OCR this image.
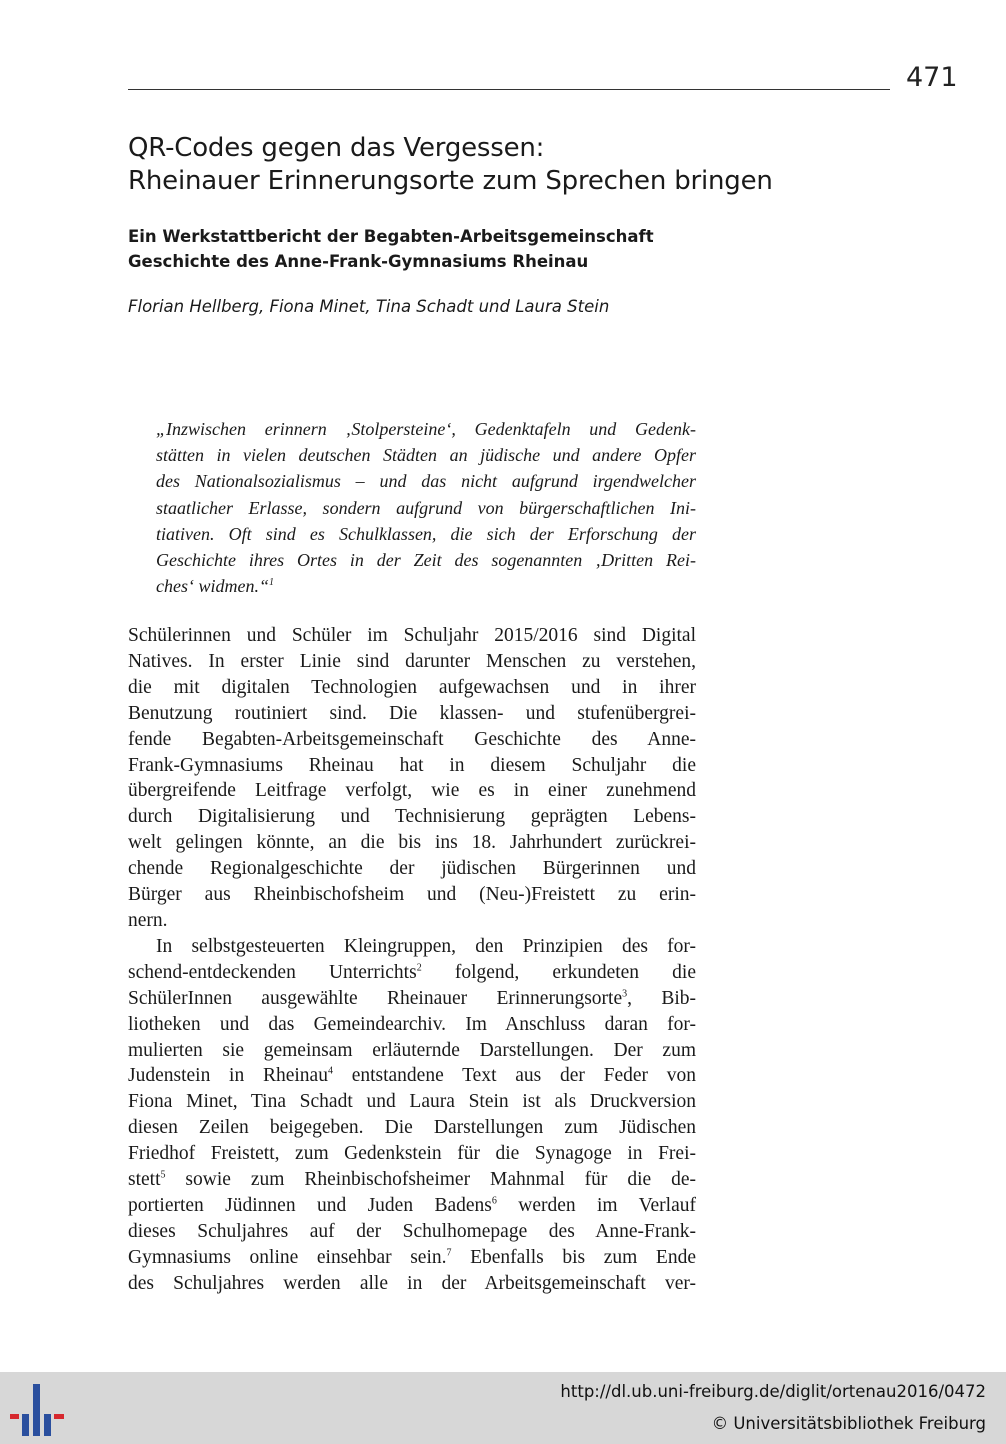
471
QR-Codes gegen das Vergessen:
Rheinauer Erinnerungsorte zum Sprechen bringen
Ein Werkstattbericht der Begabten-Arbeitsgemeinschaft
Geschichte des Anne-Frank-Gymnasiums Rheinau
Florian Hellberg, Fiona Minet, Tina Schadt und Laura Stein
„Inzwischen erinnern ‚Stolpersteine‘, Gedenktafeln und Gedenk-
stätten in vielen deutschen Städten an jüdische und andere Opfer
des Nationalsozialismus – und das nicht aufgrund irgendwelcher
staatlicher Erlasse, sondern aufgrund von bürgerschaftlichen Ini-
tiativen. Oft sind es Schulklassen, die sich der Erforschung der
Geschichte ihres Ortes in der Zeit des sogenannten ‚Dritten Rei-
ches‘ widmen.“$^1$
Schülerinnen und Schüler im Schuljahr 2015/2016 sind Digital
Natives. In erster Linie sind darunter Menschen zu verstehen,
die mit digitalen Technologien aufgewachsen und in ihrer
Benutzung routiniert sind. Die klassen- und stufenübergrei-
fende Begabten-Arbeitsgemeinschaft Geschichte des Anne-
Frank-Gymnasiums Rheinau hat in diesem Schuljahr die
übergreifende Leitfrage verfolgt, wie es in einer zunehmend
durch Digitalisierung und Technisierung geprägten Lebens-
welt gelingen könnte, an die bis ins 18. Jahrhundert zurückrei-
chende Regionalgeschichte der jüdischen Bürgerinnen und
Bürger aus Rheinbischofsheim und (Neu-)Freistett zu erin-
nern.
In selbstgesteuerten Kleingruppen, den Prinzipien des for-
schend-entdeckenden Unterrichts$^2$ folgend, erkundeten die
SchülerInnen ausgewählte Rheinauer Erinnerungsorte$^3$, Bib-
liotheken und das Gemeindearchiv. Im Anschluss daran for-
mulierten sie gemeinsam erläuternde Darstellungen. Der zum
Judenstein in Rheinau$^4$ entstandene Text aus der Feder von
Fiona Minet, Tina Schadt und Laura Stein ist als Druckversion
diesen Zeilen beigegeben. Die Darstellungen zum Jüdischen
Friedhof Freistett, zum Gedenkstein für die Synagoge in Frei-
stett$^5$ sowie zum Rheinbischofsheimer Mahnmal für die de-
portierten Jüdinnen und Juden Badens$^6$ werden im Verlauf
dieses Schuljahres auf der Schulhomepage des Anne-Frank-
Gymnasiums online einsehbar sein.$^7$ Ebenfalls bis zum Ende
des Schuljahres werden alle in der Arbeitsgemeinschaft ver-
http://dl.ub.uni-freiburg.de/diglit/ortenau2016/0472
© Universitätsbibliothek Freiburg
